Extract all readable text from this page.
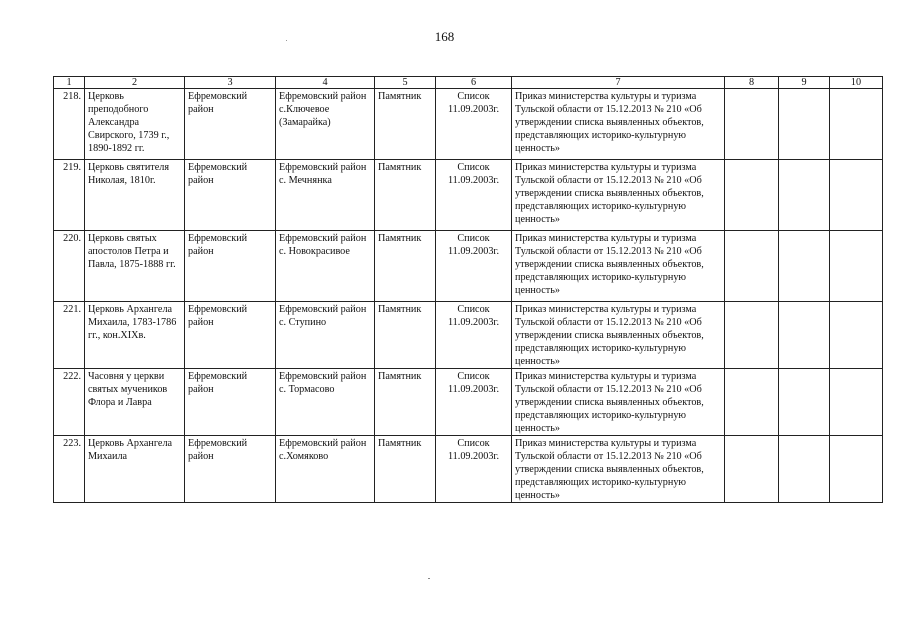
168
1	2	3	4	5	6	7	8	9	10
218.	Церковь преподобного Александра Свирского, 1739 г., 1890-1892 гг.	Ефремовский район	Ефремовский район с.Ключевое (Замарайка)	Памятник	Список 11.09.2003г.	Приказ министерства культуры и туризма Тульской области от 15.12.2013 № 210 «Об утверждении списка выявленных объектов, представляющих историко-культурную ценность»			
219.	Церковь святителя Николая, 1810г.	Ефремовский район	Ефремовский район с. Мечнянка	Памятник	Список 11.09.2003г.	Приказ министерства культуры и туризма Тульской области от 15.12.2013 № 210 «Об утверждении списка выявленных объектов, представляющих историко-культурную ценность»			
220.	Церковь святых апостолов Петра и Павла, 1875-1888 гг.	Ефремовский район	Ефремовский район с. Новокрасивое	Памятник	Список 11.09.2003г.	Приказ министерства культуры и туризма Тульской области от 15.12.2013 № 210 «Об утверждении списка выявленных объектов, представляющих историко-культурную ценность»			
221.	Церковь Архангела Михаила, 1783-1786 гг., кон.XIXв.	Ефремовский район	Ефремовский район с. Ступино	Памятник	Список 11.09.2003г.	Приказ министерства культуры и туризма Тульской области от 15.12.2013 № 210 «Об утверждении списка выявленных объектов, представляющих историко-культурную ценность»			
222.	Часовня у церкви святых мучеников Флора и Лавра	Ефремовский район	Ефремовский район с. Тормасово	Памятник	Список 11.09.2003г.	Приказ министерства культуры и туризма Тульской области от 15.12.2013 № 210 «Об утверждении списка выявленных объектов, представляющих историко-культурную ценность»			
223.	Церковь Архангела Михаила	Ефремовский район	Ефремовский район с.Хомяково	Памятник	Список 11.09.2003г.	Приказ министерства культуры и туризма Тульской области от 15.12.2013 № 210 «Об утверждении списка выявленных объектов, представляющих историко-культурную ценность»			
